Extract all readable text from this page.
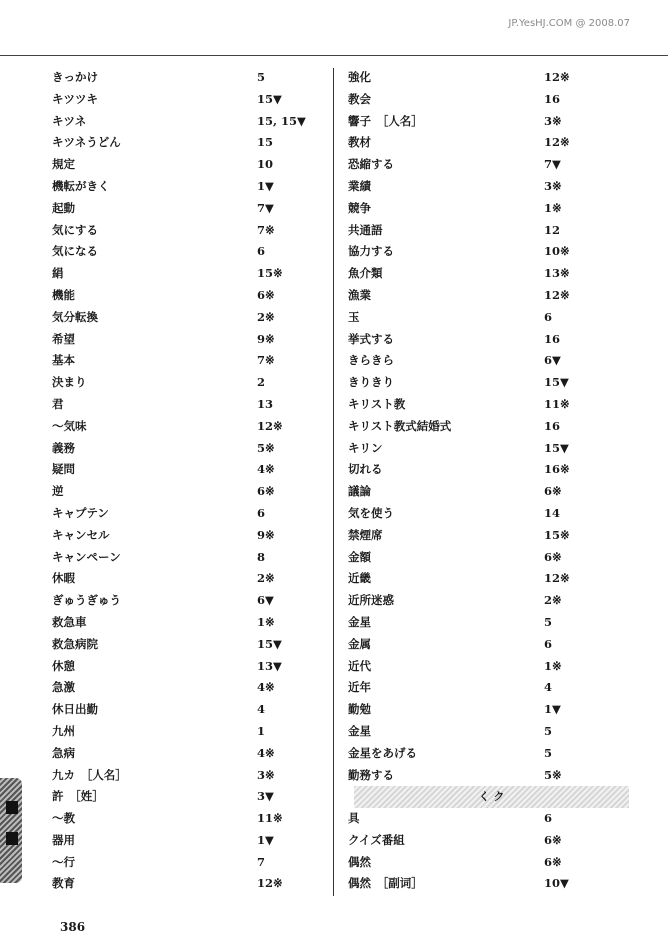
JP.YesHJ.COM @ 2008.07
きっかけ	5
キツツキ	15▼
キツネ	15, 15▼
キツネうどん	15
規定	10
機転がきく	1▼
起動	7▼
気にする	7※
気になる	6
絹	15※
機能	6※
気分転換	2※
希望	9※
基本	7※
決まり	2
君	13
～気味	12※
義務	5※
疑問	4※
逆	6※
キャプテン	6
キャンセル	9※
キャンペーン	8
休暇	2※
ぎゅうぎゅう	6▼
救急車	1※
救急病院	15▼
休憩	13▼
急激	4※
休日出勤	4
九州	1
急病	4※
九カ　［人名］	3※
許　［姓］	3▼
～教	11※
器用	1▼
～行	7
教育	12※
強化	12※
教会	16
響子　［人名］	3※
教材	12※
恐縮する	7▼
業績	3※
競争	1※
共通語	12
協力する	10※
魚介類	13※
漁業	12※
玉	6
挙式する	16
きらきら	6▼
きりきり	15▼
キリスト教	11※
キリスト教式結婚式	16
キリン	15▼
切れる	16※
議論	6※
気を使う	14
禁煙席	15※
金額	6※
近畿	12※
近所迷惑	2※
金星	5
金属	6
近代	1※
近年	4
勤勉	1▼
金星	5
金星をあげる	5
勤務する	5※
く ク
具	6
クイズ番組	6※
偶然	6※
偶然　［副词］	10▼
386
